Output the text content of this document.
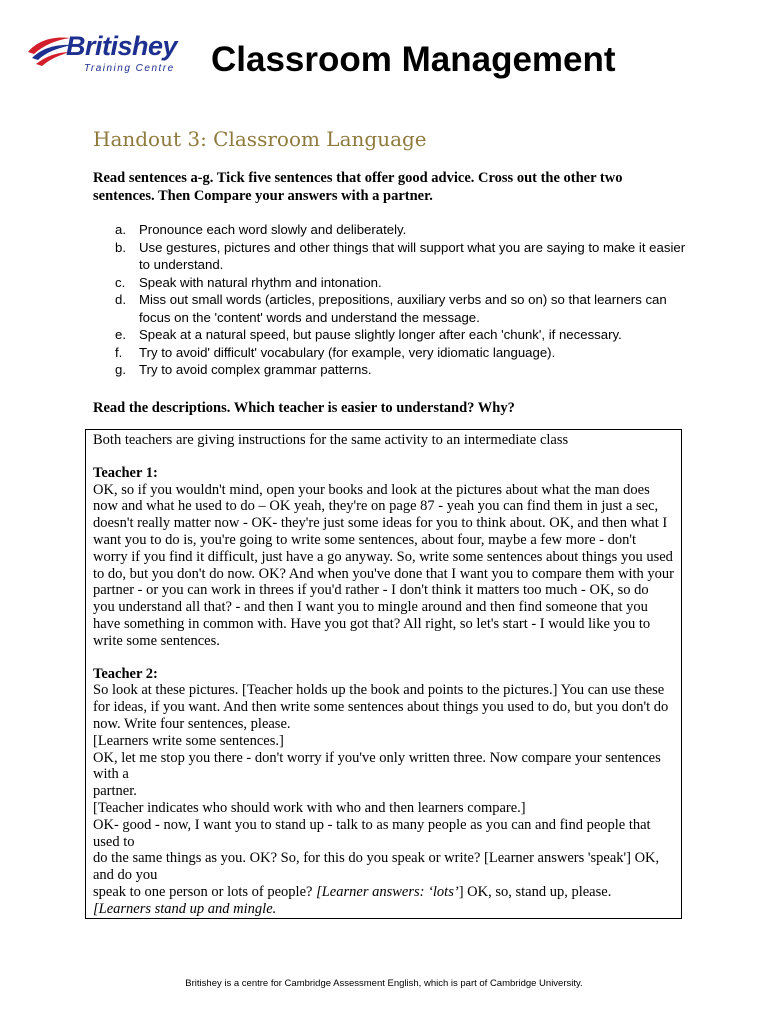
Britishey
Training Centre Classroom Management
Handout 3: Classroom Language
Read sentences a-g. Tick five sentences that offer good advice. Cross out the other two sentences. Then Compare your answers with a partner.
a. Pronounce each word slowly and deliberately.
b. Use gestures, pictures and other things that will support what you are saying to make it easier to understand.
c. Speak with natural rhythm and intonation.
d. Miss out small words (articles, prepositions, auxiliary verbs and so on) so that learners can focus on the 'content' words and understand the message.
e. Speak at a natural speed, but pause slightly longer after each 'chunk', if necessary.
f. Try to avoid' difficult' vocabulary (for example, very idiomatic language).
g. Try to avoid complex grammar patterns.
Read the descriptions. Which teacher is easier to understand? Why?

Both teachers are giving instructions for the same activity to an intermediate class

Teacher 1:

OK, so if you wouldn't mind, open your books and look at the pictures about what the man does now and what he used to do – OK yeah, they're on page 87 - yeah you can find them in just a sec, doesn't really matter now - OK- they're just some ideas for you to think about. OK, and then what I want you to do is, you're going to write some sentences, about four, maybe a few more - don't worry if you find it difficult, just have a go anyway. So, write some sentences about things you used to do, but you don't do now. OK? And when you've done that I want you to compare them with your partner - or you can work in threes if you'd rather - I don't think it matters too much - OK, so do you understand all that? - and then I want you to mingle around and then find someone that you have something in common with. Have you got that? All right, so let's start - I would like you to write some sentences.

Teacher 2:

So look at these pictures. [Teacher holds up the book and points to the pictures.] You can use these for ideas, if you want. And then write some sentences about things you used to do, but you don't do now. Write four sentences, please.

[Learners write some sentences.]

OK, let me stop you there - don't worry if you've only written three. Now compare your sentences with a

partner.

[Teacher indicates who should work with who and then learners compare.]

OK- good - now, I want you to stand up - talk to as many people as you can and find people that used to

do the same things as you. OK? So, for this do you speak or write? [Learner answers 'speak'] OK, and do you

speak to one person or lots of people? [Learner answers: ‘lots’] OK, so, stand up, please.

[Learners stand up and mingle.

Britishey is a centre for Cambridge Assessment English, which is part of Cambridge University.
